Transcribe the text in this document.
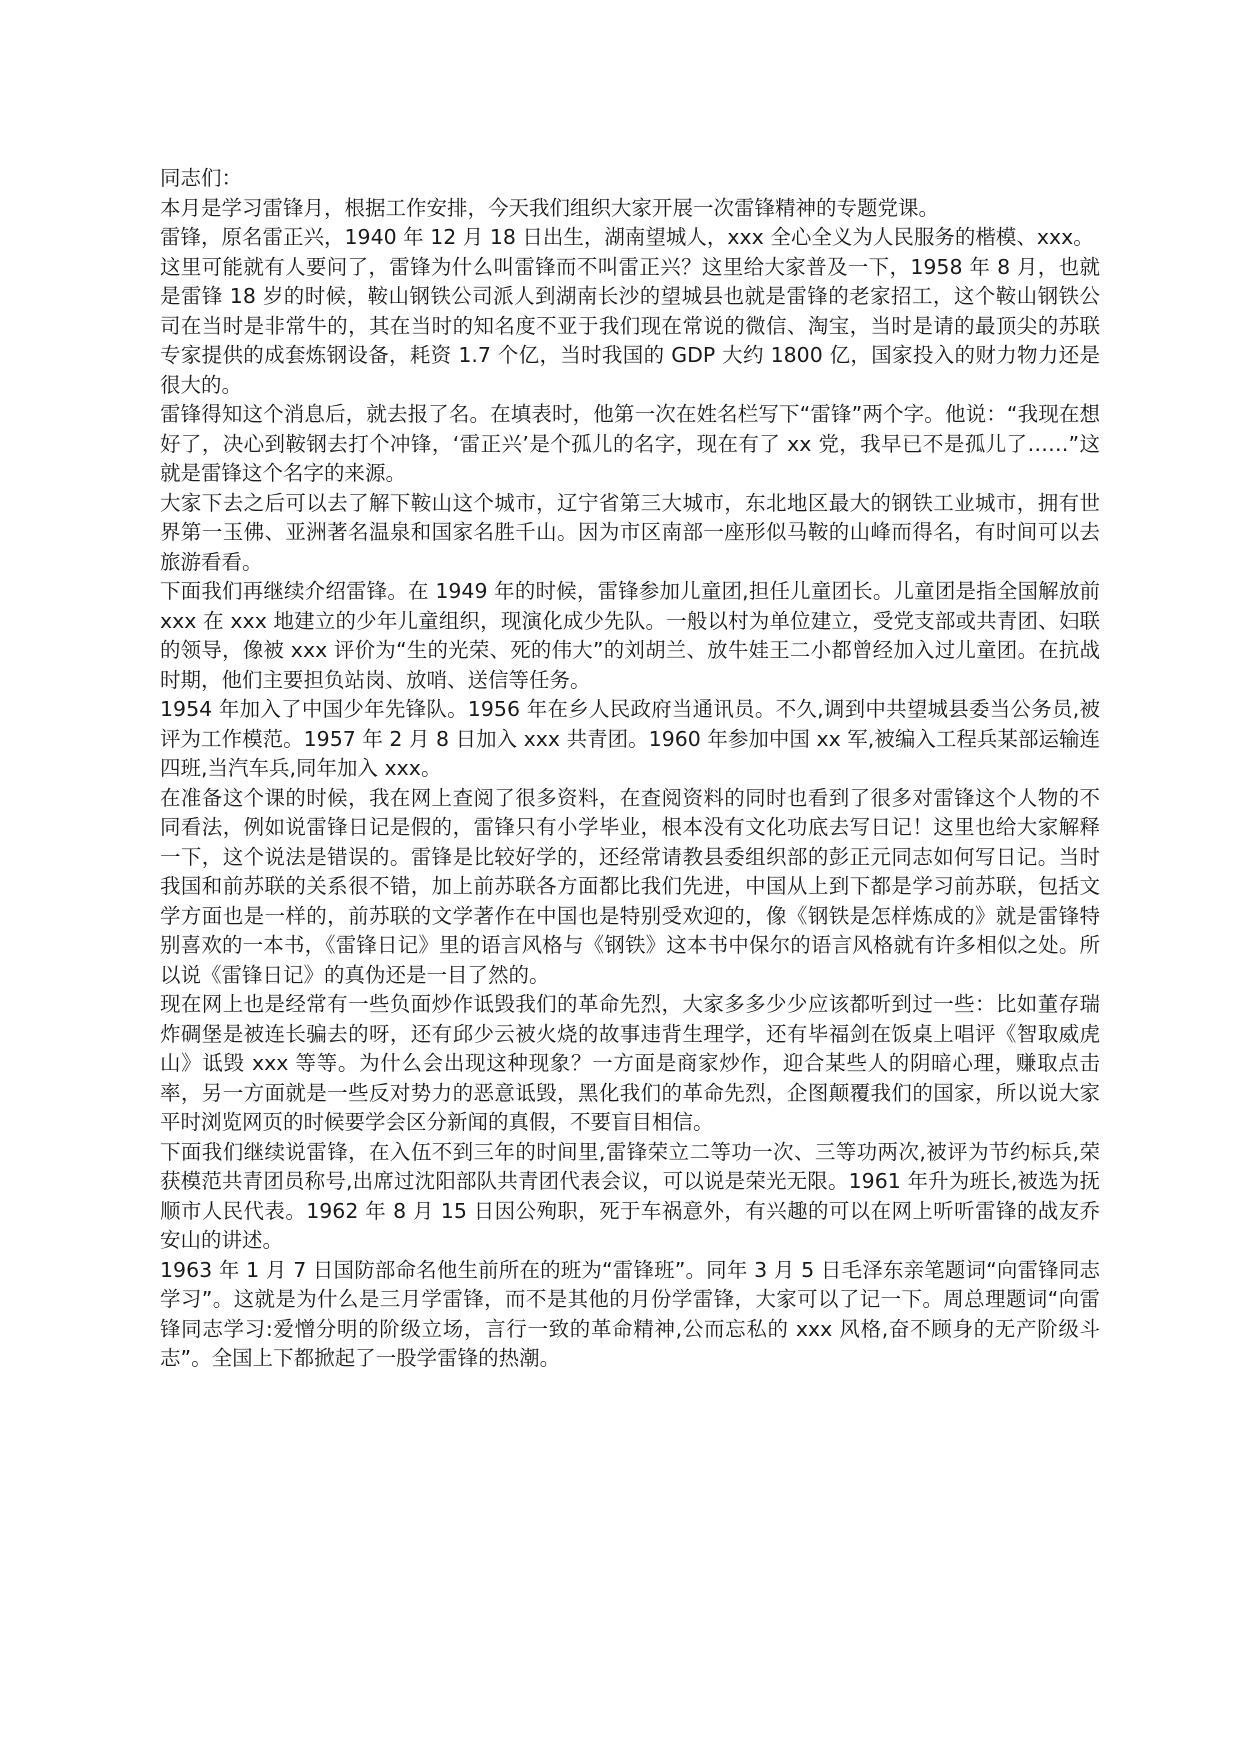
同志们：

本月是学习雷锋月，根据工作安排，今天我们组织大家开展一次雷锋精神的专题党课。

雷锋，原名雷正兴，1940 年 12 月 18 日出生，湖南望城人，xxx 全心全义为人民服务的楷模、xxx。

这里可能就有人要问了，雷锋为什么叫雷锋而不叫雷正兴？这里给大家普及一下，1958 年 8 月，也就是雷锋 18 岁的时候，鞍山钢铁公司派人到湖南长沙的望城县也就是雷锋的老家招工，这个鞍山钢铁公司在当时是非常牛的，其在当时的知名度不亚于我们现在常说的微信、淘宝，当时是请的最顶尖的苏联专家提供的成套炼钢设备，耗资 1.7 个亿，当时我国的 GDP 大约 1800 亿，国家投入的财力物力还是很大的。

雷锋得知这个消息后，就去报了名。在填表时，他第一次在姓名栏写下“雷锋”两个字。他说：“我现在想好了，决心到鞍钢去打个冲锋，‘雷正兴’是个孤儿的名字，现在有了 xx 党，我早已不是孤儿了……”这就是雷锋这个名字的来源。

大家下去之后可以去了解下鞍山这个城市，辽宁省第三大城市，东北地区最大的钢铁工业城市，拥有世界第一玉佛、亚洲著名温泉和国家名胜千山。因为市区南部一座形似马鞍的山峰而得名，有时间可以去旅游看看。

下面我们再继续介绍雷锋。在 1949 年的时候，雷锋参加儿童团,担任儿童团长。儿童团是指全国解放前 xxx 在 xxx 地建立的少年儿童组织，现演化成少先队。一般以村为单位建立，受党支部或共青团、妇联的领导，像被 xxx 评价为“生的光荣、死的伟大”的刘胡兰、放牛娃王二小都曾经加入过儿童团。在抗战时期，他们主要担负站岗、放哨、送信等任务。

1954 年加入了中国少年先锋队。1956 年在乡人民政府当通讯员。不久,调到中共望城县委当公务员,被评为工作模范。1957 年 2 月 8 日加入 xxx 共青团。1960 年参加中国 xx 军,被编入工程兵某部运输连四班,当汽车兵,同年加入 xxx。

在准备这个课的时候，我在网上查阅了很多资料，在查阅资料的同时也看到了很多对雷锋这个人物的不同看法，例如说雷锋日记是假的，雷锋只有小学毕业，根本没有文化功底去写日记！这里也给大家解释一下，这个说法是错误的。雷锋是比较好学的，还经常请教县委组织部的彭正元同志如何写日记。当时我国和前苏联的关系很不错，加上前苏联各方面都比我们先进，中国从上到下都是学习前苏联，包括文学方面也是一样的，前苏联的文学著作在中国也是特别受欢迎的，像《钢铁是怎样炼成的》就是雷锋特别喜欢的一本书，《雷锋日记》里的语言风格与《钢铁》这本书中保尔的语言风格就有许多相似之处。所以说《雷锋日记》的真伪还是一目了然的。

现在网上也是经常有一些负面炒作诋毁我们的革命先烈，大家多多少少应该都听到过一些：比如董存瑞炸碉堡是被连长骗去的呀，还有邱少云被火烧的故事违背生理学，还有毕福剑在饭桌上唱评《智取威虎山》诋毁 xxx 等等。为什么会出现这种现象？一方面是商家炒作，迎合某些人的阴暗心理，赚取点击率，另一方面就是一些反对势力的恶意诋毁，黑化我们的革命先烈，企图颠覆我们的国家，所以说大家平时浏览网页的时候要学会区分新闻的真假，不要盲目相信。

下面我们继续说雷锋，在入伍不到三年的时间里,雷锋荣立二等功一次、三等功两次,被评为节约标兵,荣获模范共青团员称号,出席过沈阳部队共青团代表会议，可以说是荣光无限。1961 年升为班长,被选为抚顺市人民代表。1962 年 8 月 15 日因公殉职，死于车祸意外，有兴趣的可以在网上听听雷锋的战友乔安山的讲述。

1963 年 1 月 7 日国防部命名他生前所在的班为“雷锋班”。同年 3 月 5 日毛泽东亲笔题词“向雷锋同志学习”。这就是为什么是三月学雷锋，而不是其他的月份学雷锋，大家可以了记一下。周总理题词“向雷锋同志学习:爱憎分明的阶级立场，言行一致的革命精神,公而忘私的 xxx 风格,奋不顾身的无产阶级斗志”。全国上下都掀起了一股学雷锋的热潮。
